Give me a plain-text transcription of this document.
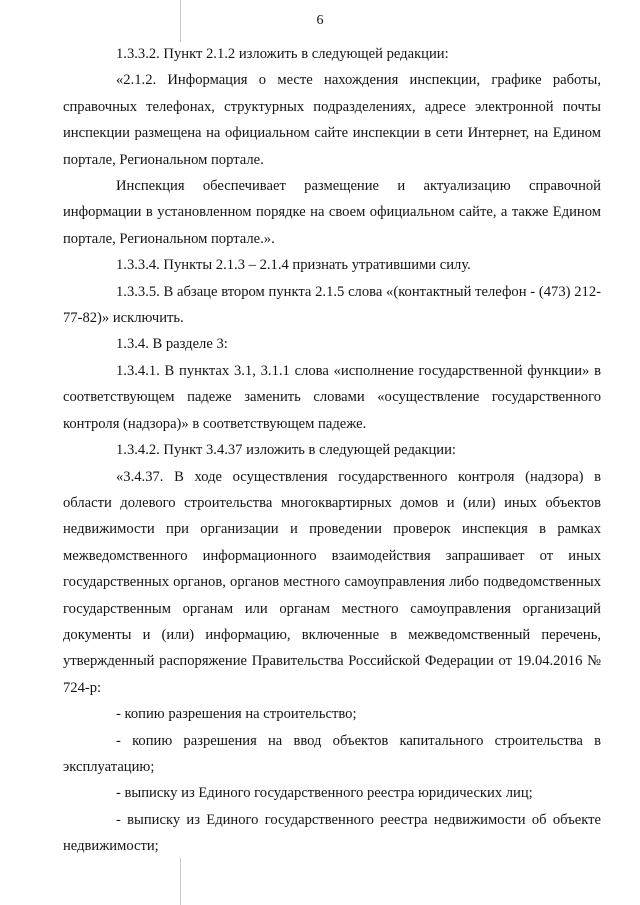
6

1.3.3.2. Пункт 2.1.2 изложить в следующей редакции:

«2.1.2. Информация о месте нахождения инспекции, графике работы, справочных телефонах, структурных подразделениях, адресе электронной почты инспекции размещена на официальном сайте инспекции в сети Интернет, на Едином портале, Региональном портале.

Инспекция обеспечивает размещение и актуализацию справочной информации в установленном порядке на своем официальном сайте, а также Едином портале, Региональном портале.».

1.3.3.4. Пункты 2.1.3 – 2.1.4 признать утратившими силу.

1.3.3.5. В абзаце втором пункта 2.1.5 слова «(контактный телефон - (473) 212-77-82)» исключить.

1.3.4. В разделе 3:

1.3.4.1. В пунктах 3.1, 3.1.1 слова «исполнение государственной функции» в соответствующем падеже заменить словами «осуществление государственного контроля (надзора)» в соответствующем падеже.

1.3.4.2. Пункт 3.4.37 изложить в следующей редакции:

«3.4.37. В ходе осуществления государственного контроля (надзора) в области долевого строительства многоквартирных домов и (или) иных объектов недвижимости при организации и проведении проверок инспекция в рамках межведомственного информационного взаимодействия запрашивает от иных государственных органов, органов местного самоуправления либо подведомственных государственным органам или органам местного самоуправления организаций документы и (или) информацию, включенные в межведомственный перечень, утвержденный распоряжение Правительства Российской Федерации от 19.04.2016 № 724-р:

- копию разрешения на строительство;

- копию разрешения на ввод объектов капитального строительства в эксплуатацию;

- выписку из Единого государственного реестра юридических лиц;

- выписку из Единого государственного реестра недвижимости об объекте недвижимости;
